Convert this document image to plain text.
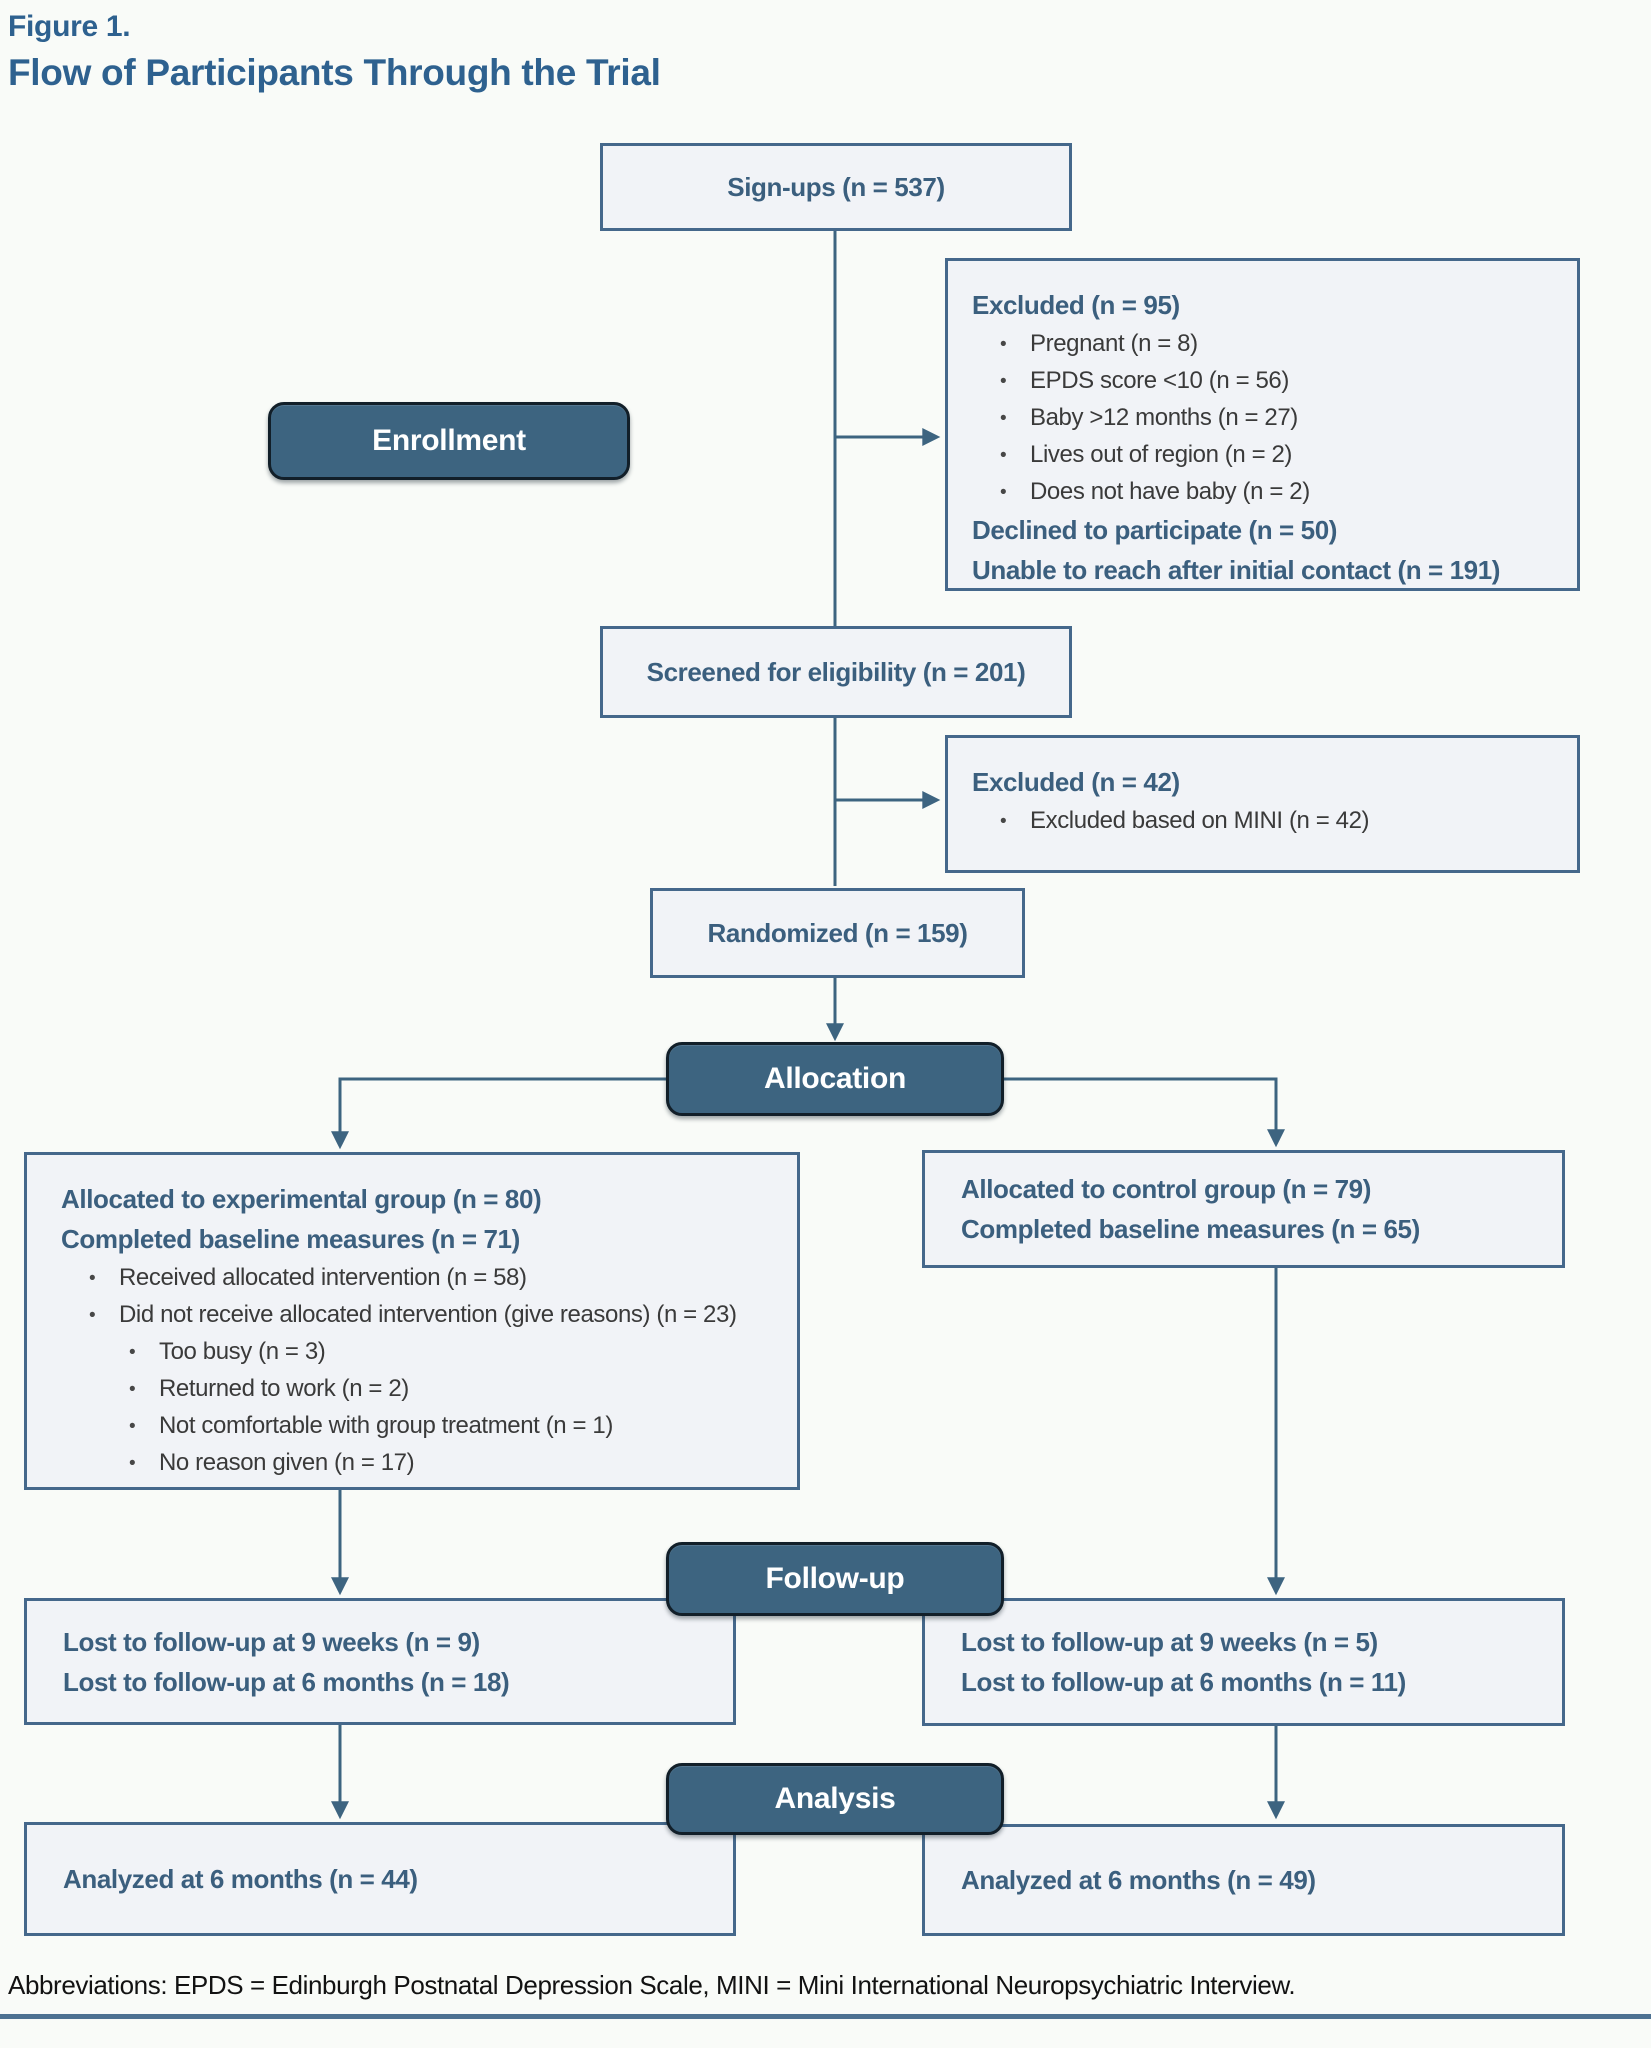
Figure 1.
Flow of Participants Through the Trial
Sign-ups (n = 537)
Excluded (n = 95)
• Pregnant (n = 8)
• EPDS score <10 (n = 56)
• Baby >12 months (n = 27)
• Lives out of region (n = 2)
• Does not have baby (n = 2)
Declined to participate (n = 50)
Unable to reach after initial contact (n = 191)
Enrollment
Screened for eligibility (n = 201)
Excluded (n = 42)
• Excluded based on MINI (n = 42)
Randomized (n = 159)
Allocation
Allocated to experimental group (n = 80)
Completed baseline measures (n = 71)
• Received allocated intervention (n = 58)
• Did not receive allocated intervention (give reasons) (n = 23)
• Too busy (n = 3)
• Returned to work (n = 2)
• Not comfortable with group treatment (n = 1)
• No reason given (n = 17)
Allocated to control group (n = 79)
Completed baseline measures (n = 65)
Lost to follow-up at 9 weeks (n = 9)
Lost to follow-up at 6 months (n = 18)
Lost to follow-up at 9 weeks (n = 5)
Lost to follow-up at 6 months (n = 11)
Follow-up
Analyzed at 6 months (n = 44)	Analyzed at 6 months (n = 49)
Analysis
Abbreviations: EPDS = Edinburgh Postnatal Depression Scale, MINI = Mini International Neuropsychiatric Interview.
